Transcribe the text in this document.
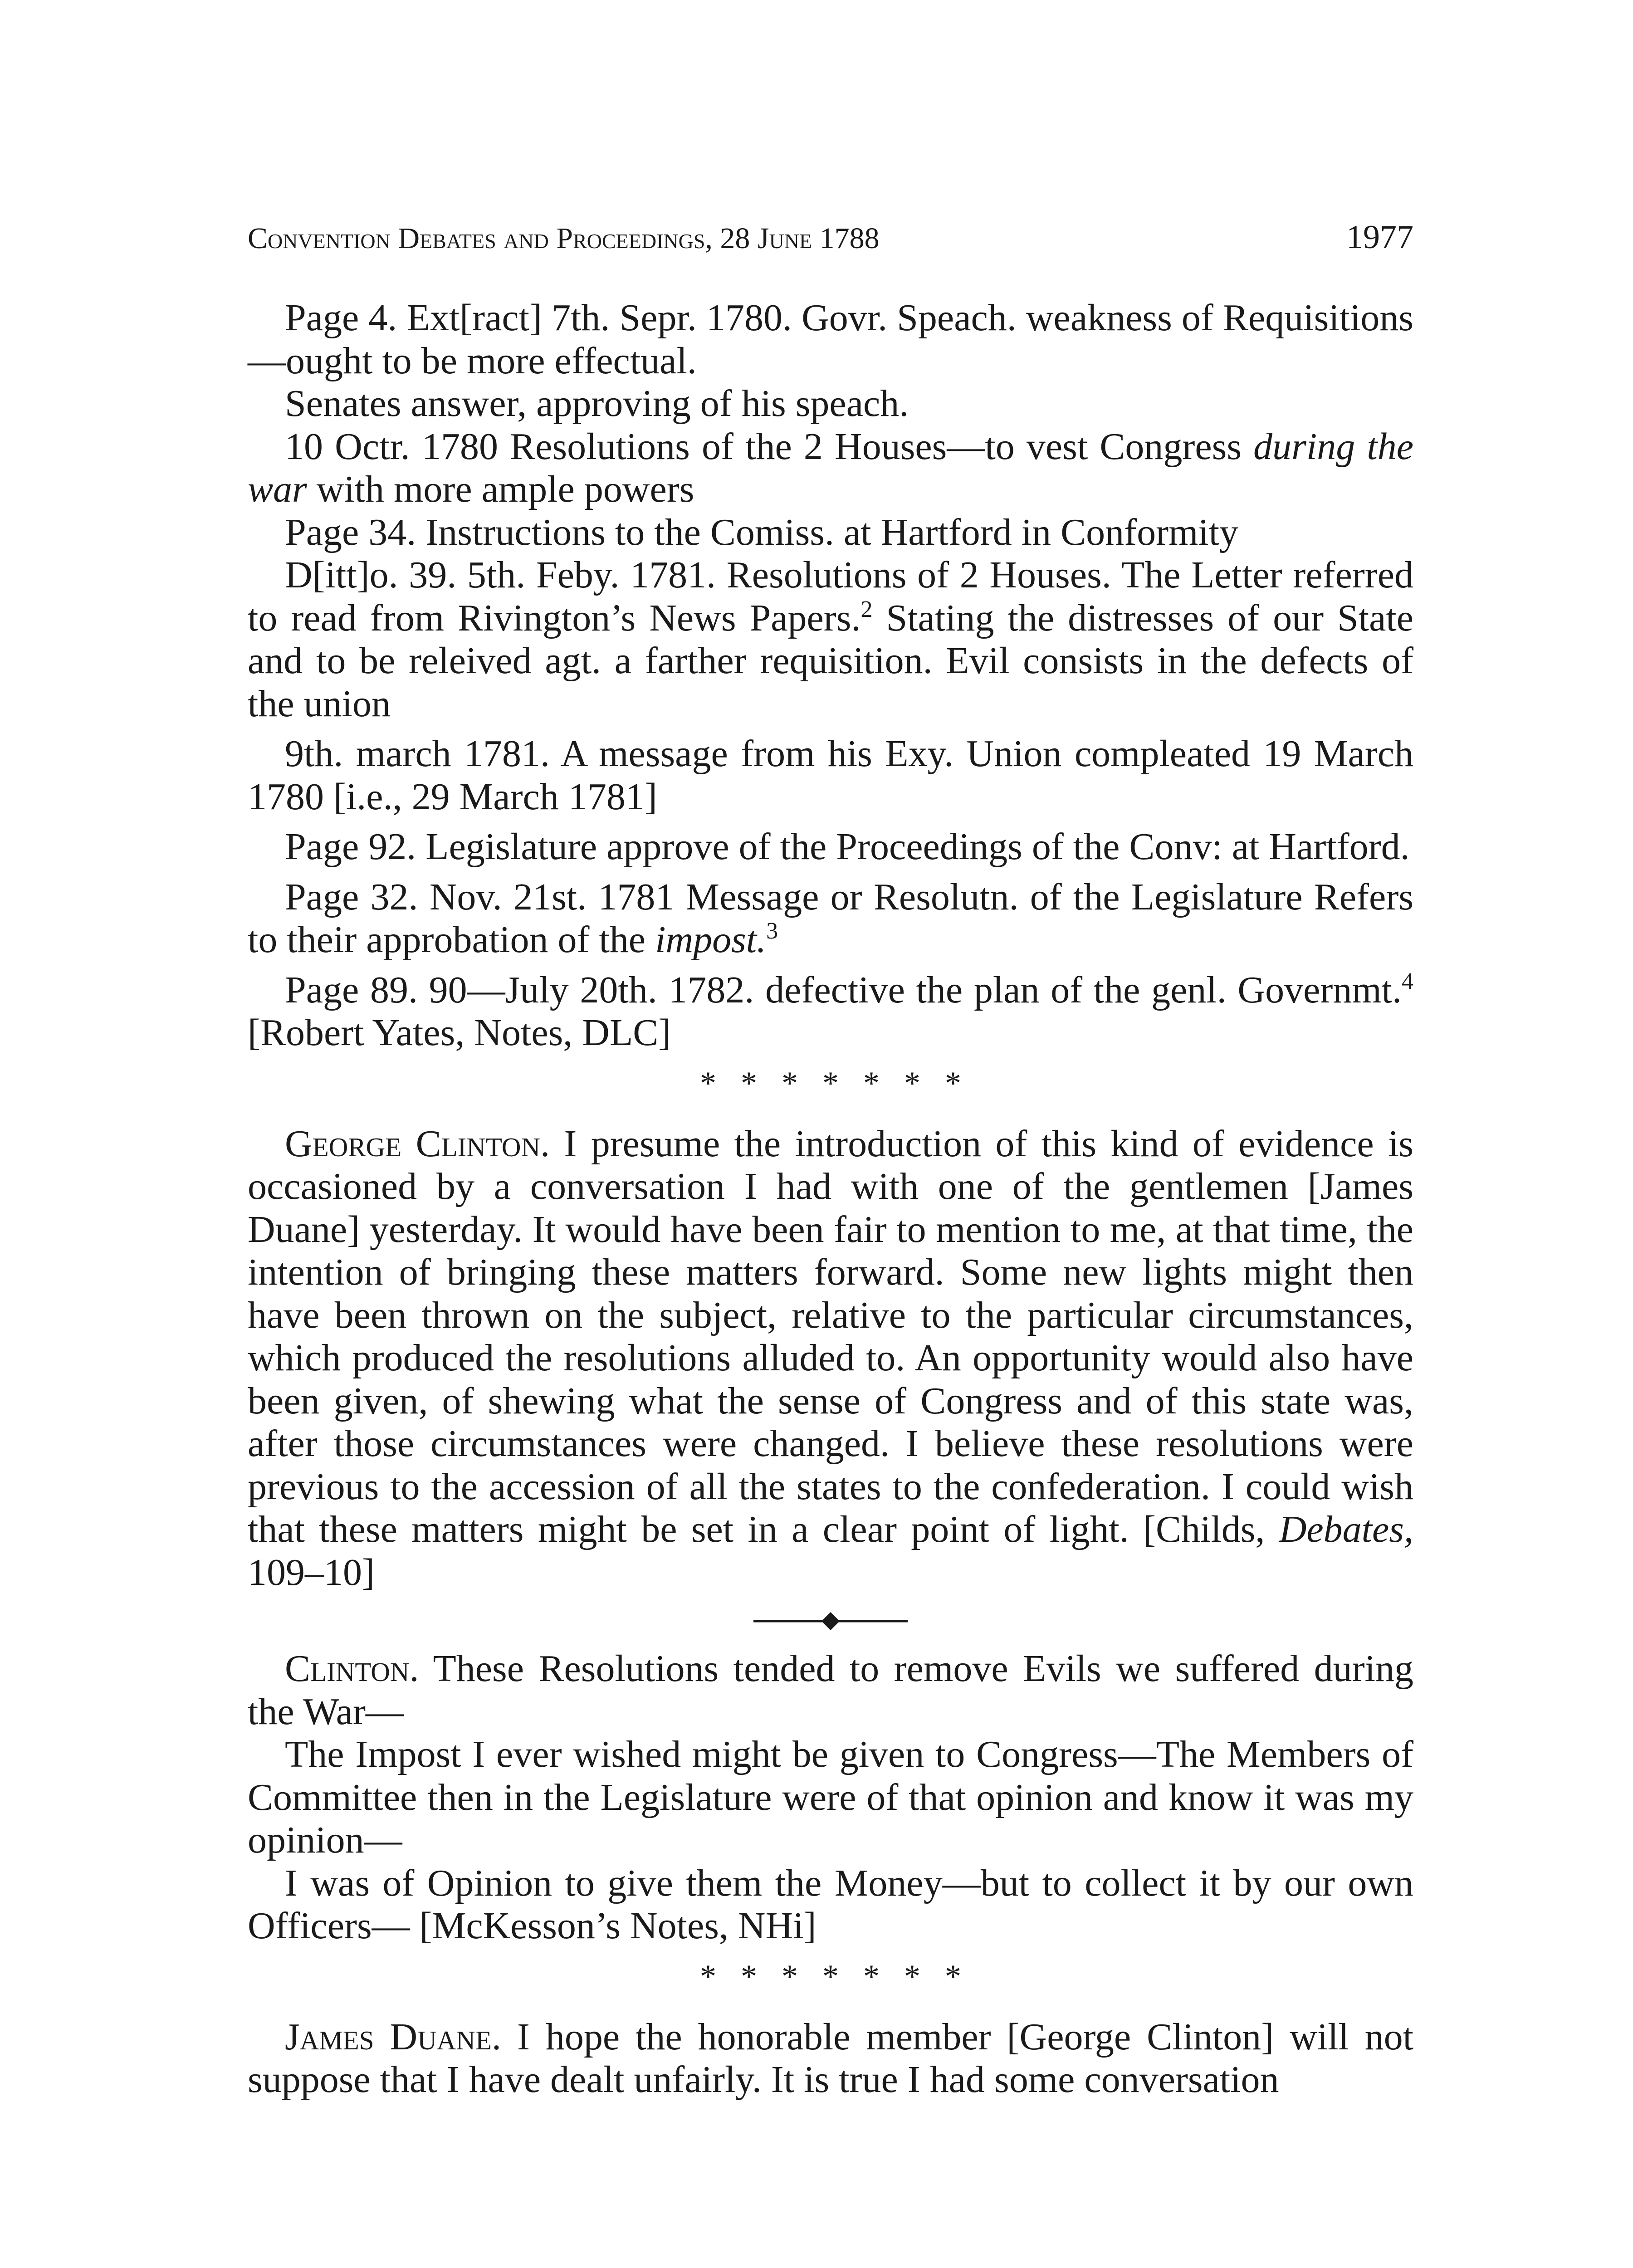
Convention Debates and Proceedings, 28 June 1788	1977

Page 4. Ext[ract] 7th. Sepr. 1780. Govr. Speach. weakness of Requisitions—ought to be more effectual.

Senates answer, approving of his speach.

10 Octr. 1780 Resolutions of the 2 Houses—to vest Congress during the war with more ample powers

Page 34. Instructions to the Comiss. at Hartford in Conformity

D[itt]o. 39. 5th. Feby. 1781. Resolutions of 2 Houses. The Letter referred to read from Rivington’s News Papers.$^2$ Stating the distresses of our State and to be releived agt. a farther requisition. Evil consists in the defects of the union

9th. march 1781. A message from his Exy. Union compleated 19 March 1780 [i.e., 29 March 1781]

Page 92. Legislature approve of the Proceedings of the Conv: at Hartford.

Page 32. Nov. 21st. 1781 Message or Resolutn. of the Legislature Refers to their approbation of the impost.$^3$

Page 89. 90—July 20th. 1782. defective the plan of the genl. Governmt.$^4$ [Robert Yates, Notes, DLC]

* * * * * * *

George Clinton. I presume the introduction of this kind of evidence is occasioned by a conversation I had with one of the gentlemen [James Duane] yesterday. It would have been fair to mention to me, at that time, the intention of bringing these matters forward. Some new lights might then have been thrown on the subject, relative to the particular circumstances, which produced the resolutions alluded to. An opportunity would also have been given, of shewing what the sense of Congress and of this state was, after those circumstances were changed. I believe these resolutions were previous to the accession of all the states to the confederation. I could wish that these matters might be set in a clear point of light. [Childs, Debates, 109–10]

Clinton. These Resolutions tended to remove Evils we suffered during the War—

The Impost I ever wished might be given to Congress—The Members of Committee then in the Legislature were of that opinion and know it was my opinion—

I was of Opinion to give them the Money—but to collect it by our own Officers— [McKesson’s Notes, NHi]

* * * * * * *

James Duane. I hope the honorable member [George Clinton] will not suppose that I have dealt unfairly. It is true I had some conversation
